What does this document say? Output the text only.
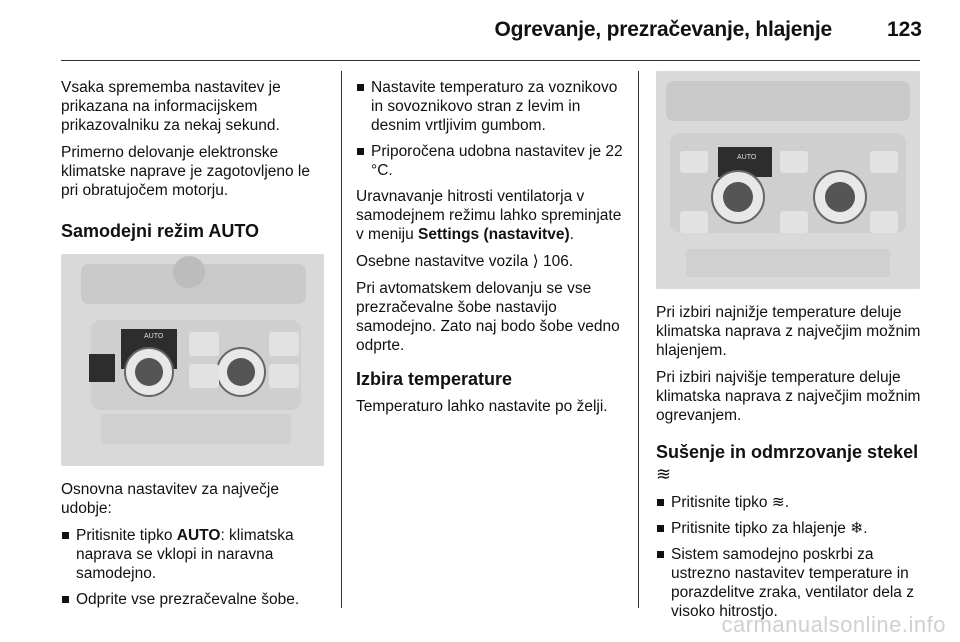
Ogrevanje, prezračevanje, hlajenje	123

Vsaka sprememba nastavitev je prikazana na informacijskem prikazovalniku za nekaj sekund.

Primerno delovanje elektronske klimatske naprave je zagotovljeno le pri obratujočem motorju.

Samodejni režim AUTO
AUTO

Osnovna nastavitev za največje udobje:

Pritisnite tipko AUTO: klimatska naprava se vklopi in naravna samodejno.
Odprite vse prezračevalne šobe.
Nastavite temperaturo za voznikovo in sovoznikovo stran z levim in desnim vrtljivim gumbom.
Priporočena udobna nastavitev je 22 °C.

Uravnavanje hitrosti ventilatorja v samodejnem režimu lahko spreminjate v meniju Settings (nastavitve).

Osebne nastavitve vozila ⟩ 106.

Pri avtomatskem delovanju se vse prezračevalne šobe nastavijo samodejno. Zato naj bodo šobe vedno odprte.

Izbira temperature

Temperaturo lahko nastavite po želji.

AUTO

Pri izbiri najnižje temperature deluje klimatska naprava z največjim možnim hlajenjem.

Pri izbiri najvišje temperature deluje klimatska naprava z največjim možnim ogrevanjem.

Sušenje in odmrzovanje stekel ≋

Pritisnite tipko ≋.
Pritisnite tipko za hlajenje ❄.
Sistem samodejno poskrbi za ustrezno nastavitev temperature in porazdelitve zraka, ventilator dela z visoko hitrostjo.
carmanualsonline.info
